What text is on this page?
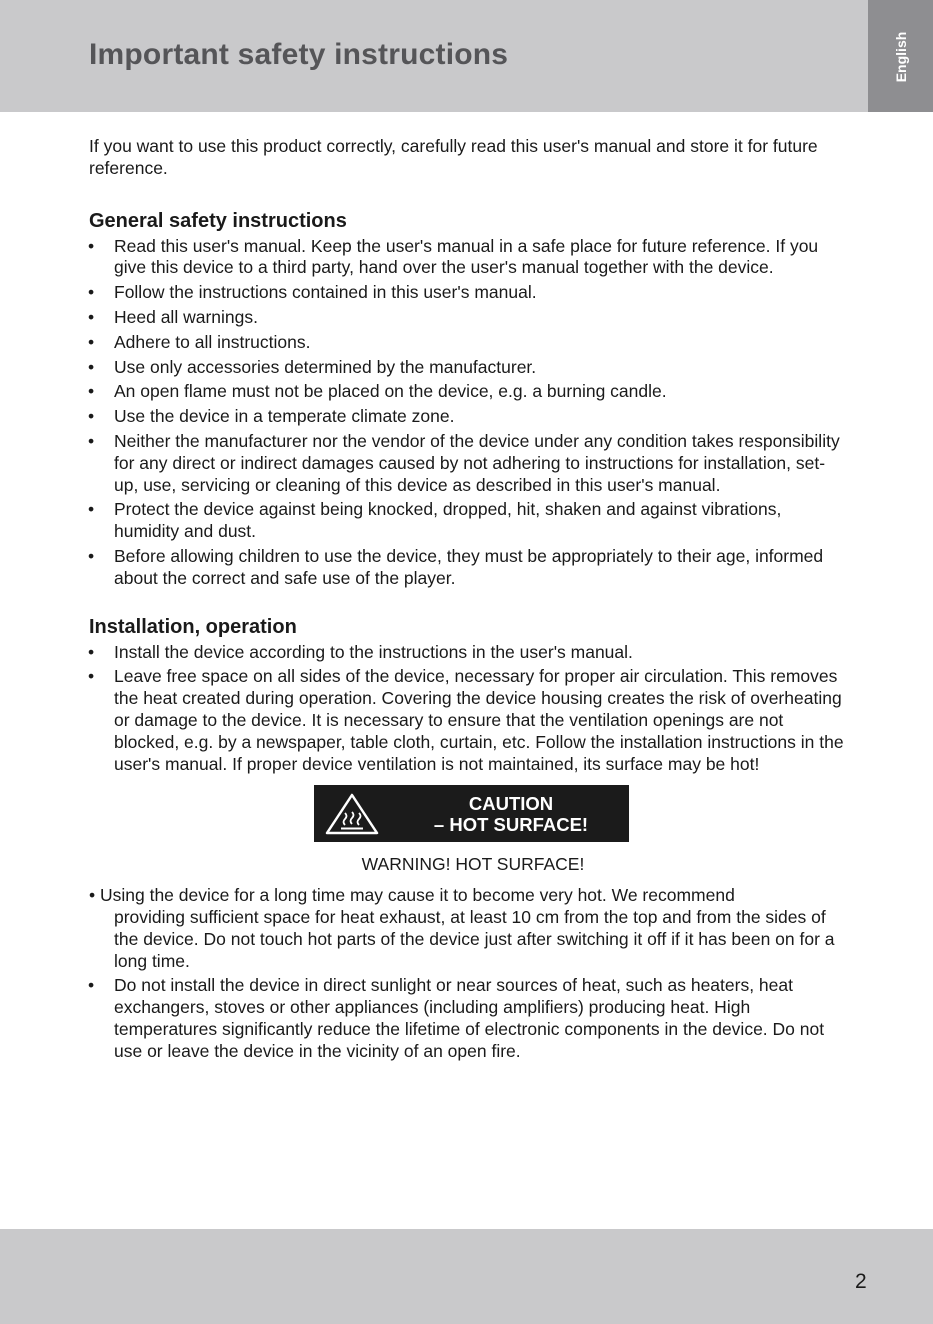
Important safety instructions	English

If you want to use this product correctly, carefully read this user's manual and store it for future reference.

General safety instructions
• Read this user's manual. Keep the user's manual in a safe place for future reference. If you give this device to a third party, hand over the user's manual together with the device.
• Follow the instructions contained in this user's manual.
• Heed all warnings.
• Adhere to all instructions.
• Use only accessories determined by the manufacturer.
• An open flame must not be placed on the device, e.g. a burning candle.
• Use the device in a temperate climate zone.
• Neither the manufacturer nor the vendor of the device under any condition takes responsibility for any direct or indirect damages caused by not adhering to instructions for installation, set-up, use, servicing or cleaning of this device as described in this user's manual.
• Protect the device against being knocked, dropped, hit, shaken and against vibrations, humidity and dust.
• Before allowing children to use the device, they must be appropriately to their age, informed about the correct and safe use of the player.
Installation, operation
• Install the device according to the instructions in the user's manual.
• Leave free space on all sides of the device, necessary for proper air circulation. This removes the heat created during operation. Covering the device housing creates the risk of overheating or damage to the device. It is necessary to ensure that the ventilation openings are not blocked, e.g. by a newspaper, table cloth, curtain, etc. Follow the installation instructions in the user's manual. If proper device ventilation is not maintained, its surface may be hot!
CAUTION
– HOT SURFACE!
WARNING! HOT SURFACE!
• Using the device for a long time may cause it to become very hot. We recommend
providing sufficient space for heat exhaust, at least 10 cm from the top and from the sides of the device. Do not touch hot parts of the device just after switching it off if it has been on for a long time.
• Do not install the device in direct sunlight or near sources of heat, such as heaters, heat exchangers, stoves or other appliances (including amplifiers) producing heat. High temperatures significantly reduce the lifetime of electronic components in the device. Do not use or leave the device in the vicinity of an open fire.
2
